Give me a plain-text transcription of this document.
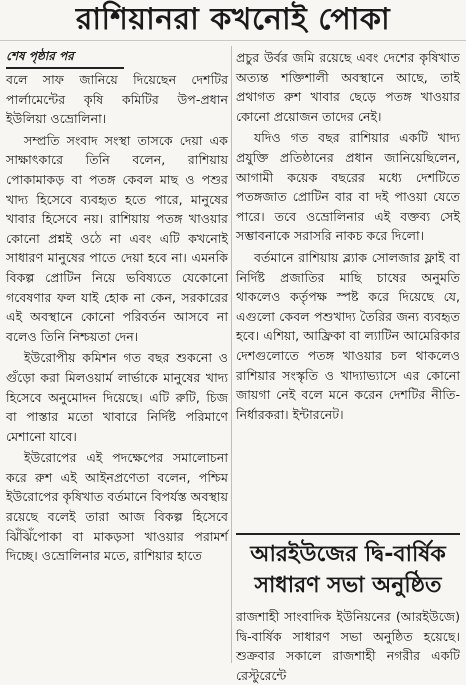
রাশিয়ানরা কখনোই পোকা
শেষ পৃষ্ঠার পর

বলে সাফ জানিয়ে দিয়েছেন দেশটির পার্লামেন্টের কৃষি কমিটির উপ-প্রধান ইউলিয়া ওভ্রোলিনা।

সম্প্রতি সংবাদ সংস্থা তাসকে দেয়া এক সাক্ষাৎকারে তিনি বলেন, রাশিয়ায় পোকামাকড় বা পতঙ্গ কেবল মাছ ও পশুর খাদ্য হিসেবে ব্যবহৃত হতে পারে, মানুষের খাবার হিসেবে নয়। রাশিয়ায় পতঙ্গ খাওয়ার কোনো প্রশ্নই ওঠে না এবং এটি কখনোই সাধারণ মানুষের পাতে দেয়া হবে না। এমনকি বিকল্প প্রোটিন নিয়ে ভবিষ্যতে যেকোনো গবেষণার ফল যাই হোক না কেন, সরকারের এই অবস্থানে কোনো পরিবর্তন আসবে না বলেও তিনি নিশ্চয়তা দেন।

ইউরোপীয় কমিশন গত বছর শুকনো ও গুঁড়ো করা মিলওয়ার্ম লার্ভাকে মানুষের খাদ্য হিসেবে অনুমোদন দিয়েছে। এটি রুটি, চিজ বা পাস্তার মতো খাবারে নির্দিষ্ট পরিমাণে মেশানো যাবে।

ইউরোপের এই পদক্ষেপের সমালোচনা করে রুশ এই আইনপ্রণেতা বলেন, পশ্চিম ইউরোপের কৃষিখাত বর্তমানে বিপর্যস্ত অবস্থায় রয়েছে বলেই তারা আজ বিকল্প হিসেবে ঝিঁঝিঁপোকা বা মাকড়সা খাওয়ার পরামর্শ দিচ্ছে। ওভ্রোলিনার মতে, রাশিয়ার হাতে

প্রচুর উর্বর জমি রয়েছে এবং দেশের কৃষিখাত অত্যন্ত শক্তিশালী অবস্থানে আছে, তাই প্রথাগত রুশ খাবার ছেড়ে পতঙ্গ খাওয়ার কোনো প্রয়োজন তাদের নেই।

যদিও গত বছর রাশিয়ার একটি খাদ্য প্রযুক্তি প্রতিষ্ঠানের প্রধান জানিয়েছিলেন, আগামী কয়েক বছরের মধ্যে দেশটিতে পতঙ্গজাত প্রোটিন বার বা দই পাওয়া যেতে পারে। তবে ওভ্রোলিনার এই বক্তব্য সেই সম্ভাবনাকে সরাসরি নাকচ করে দিলো।

বর্তমানে রাশিয়ায় ব্ল্যাক সোলজার ফ্লাই বা নির্দিষ্ট প্রজাতির মাছি চাষের অনুমতি থাকলেও কর্তৃপক্ষ স্পষ্ট করে দিয়েছে যে, এগুলো কেবল পশুখাদ্য তৈরির জন্য ব্যবহৃত হবে। এশিয়া, আফ্রিকা বা ল্যাটিন আমেরিকার দেশগুলোতে পতঙ্গ খাওয়ার চল থাকলেও রাশিয়ার সংস্কৃতি ও খাদ্যাভ্যাসে এর কোনো জায়গা নেই বলে মনে করেন দেশটির নীতি-নির্ধারকরা। ইন্টারনেট।

আরইউজের দ্বি-বার্ষিক সাধারণ সভা অনুষ্ঠিত
রাজশাহী সাংবাদিক ইউনিয়নের (আরইউজে) দ্বি-বার্ষিক সাধারণ সভা অনুষ্ঠিত হয়েছে। শুক্রবার সকালে রাজশাহী নগরীর একটি রেস্টুরেন্টে
